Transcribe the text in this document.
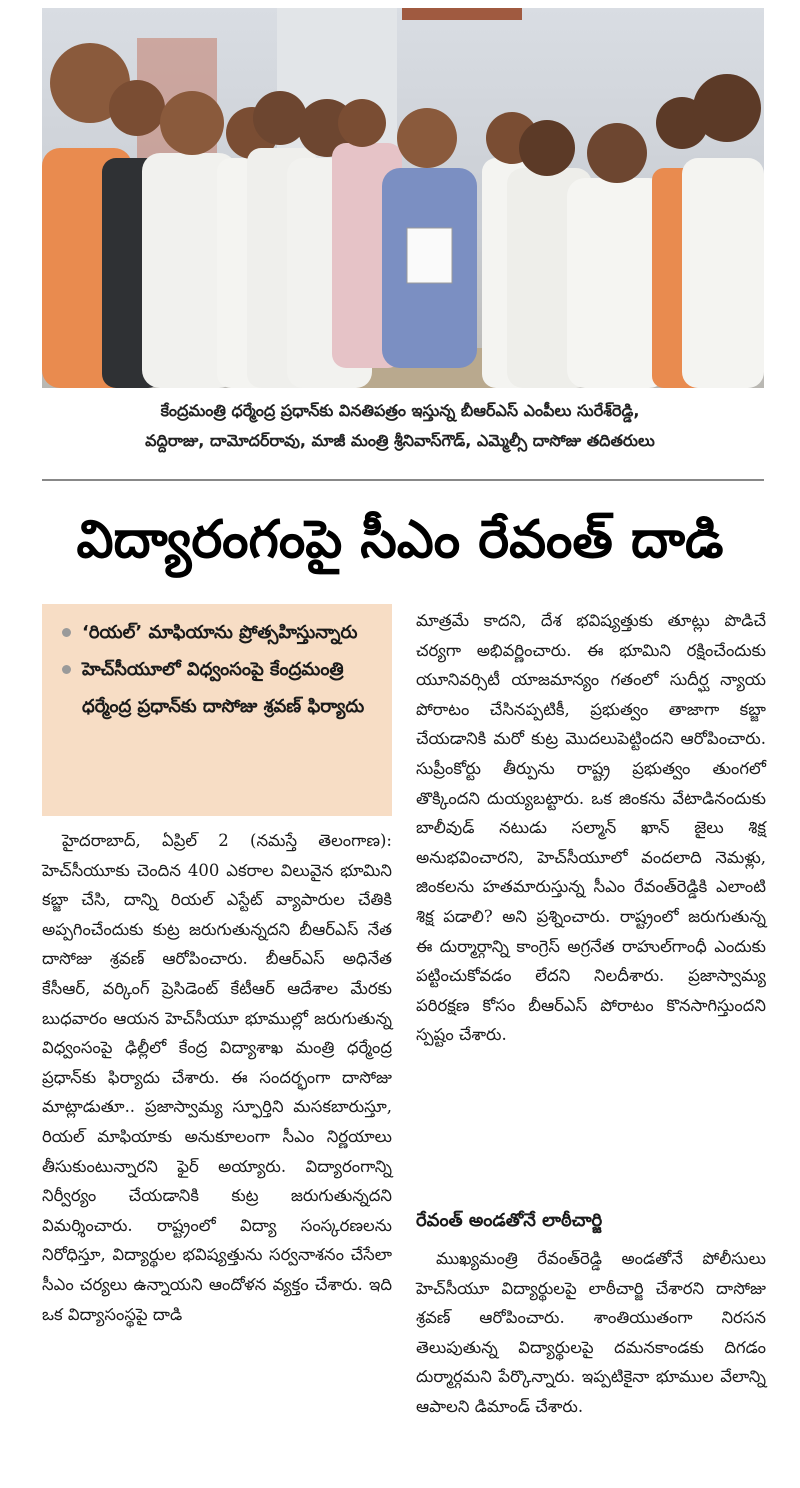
కేంద్రమంత్రి ధర్మేంద్ర ప్రధాన్‌కు వినతిపత్రం ఇస్తున్న బీఆర్ఎస్ ఎంపీలు సురేశ్‌రెడ్డి,
వద్దిరాజు, దామోదర్‌రావు, మాజీ మంత్రి శ్రీనివాస్‌గౌడ్, ఎమ్మెల్సీ దాసోజు తదితరులు
విద్యారంగంపై సీఎం రేవంత్ దాడి
‘రియల్’ మాఫియాను ప్రోత్సహిస్తున్నారు
హెచ్‌సీయూలో విధ్వంసంపై కేంద్రమంత్రి ధర్మేంద్ర ప్రధాన్‌కు దాసోజు శ్రవణ్ ఫిర్యాదు
హైదరాబాద్, ఏప్రిల్ 2 (నమస్తే తెలంగాణ): హెచ్‌సీయూకు చెందిన 400 ఎకరాల విలువైన భూమిని కబ్జా చేసి, దాన్ని రియల్ ఎస్టేట్ వ్యాపారుల చేతికి అప్పగించేందుకు కుట్ర జరుగుతున్నదని బీఆర్ఎస్ నేత దాసోజు శ్రవణ్ ఆరోపించారు. బీఆర్ఎస్ అధినేత కేసీఆర్, వర్కింగ్ ప్రెసిడెంట్ కేటీఆర్ ఆదేశాల మేరకు బుధవారం ఆయన హెచ్‌సీయూ భూముల్లో జరుగుతున్న విధ్వంసంపై ఢిల్లీలో కేంద్ర విద్యాశాఖ మంత్రి ధర్మేంద్ర ప్రధాన్‌కు ఫిర్యాదు చేశారు. ఈ సందర్భంగా దాసోజు మాట్లాడుతూ.. ప్రజాస్వామ్య స్ఫూర్తిని మసకబారుస్తూ, రియల్ మాఫియాకు అనుకూలంగా సీఎం నిర్ణయాలు తీసుకుంటున్నారని ఫైర్ అయ్యారు. విద్యారంగాన్ని నిర్వీర్యం చేయడానికి కుట్ర జరుగుతున్నదని విమర్శించారు. రాష్ట్రంలో విద్యా సంస్కరణలను నిరోధిస్తూ, విద్యార్థుల భవిష్యత్తును సర్వనాశనం చేసేలా సీఎం చర్యలు ఉన్నాయని ఆందోళన వ్యక్తం చేశారు. ఇది ఒక విద్యాసంస్థపై దాడి
మాత్రమే కాదని, దేశ భవిష్యత్తుకు తూట్లు పొడిచే చర్యగా అభివర్ణించారు. ఈ భూమిని రక్షించేందుకు యూనివర్సిటీ యాజమాన్యం గతంలో సుదీర్ఘ న్యాయ పోరాటం చేసినప్పటికీ, ప్రభుత్వం తాజాగా కబ్జా చేయడానికి మరో కుట్ర మొదలుపెట్టిందని ఆరోపించారు. సుప్రీంకోర్టు తీర్పును రాష్ట్ర ప్రభుత్వం తుంగలో తొక్కిందని దుయ్యబట్టారు. ఒక జింకను వేటాడినందుకు బాలీవుడ్ నటుడు సల్మాన్ ఖాన్ జైలు శిక్ష అనుభవించారని, హెచ్‌సీయూలో వందలాది నెమళ్లు, జింకలను హతమారుస్తున్న సీఎం రేవంత్‌రెడ్డికి ఎలాంటి శిక్ష పడాలి? అని ప్రశ్నించారు. రాష్ట్రంలో జరుగుతున్న ఈ దుర్మార్గాన్ని కాంగ్రెస్ అగ్రనేత రాహుల్‌గాంధీ ఎందుకు పట్టించుకోవడం లేదని నిలదీశారు. ప్రజాస్వామ్య పరిరక్షణ కోసం బీఆర్ఎస్ పోరాటం కొనసాగిస్తుందని స్పష్టం చేశారు.
రేవంత్ అండతోనే లాఠీచార్జి
ముఖ్యమంత్రి రేవంత్‌రెడ్డి అండతోనే పోలీసులు హెచ్‌సీయూ విద్యార్థులపై లాఠీచార్జి చేశారని దాసోజు శ్రవణ్ ఆరోపించారు. శాంతియుతంగా నిరసన తెలుపుతున్న విద్యార్థులపై దమనకాండకు దిగడం దుర్మార్గమని పేర్కొన్నారు. ఇప్పటికైనా భూముల వేలాన్ని ఆపాలని డిమాండ్ చేశారు.
